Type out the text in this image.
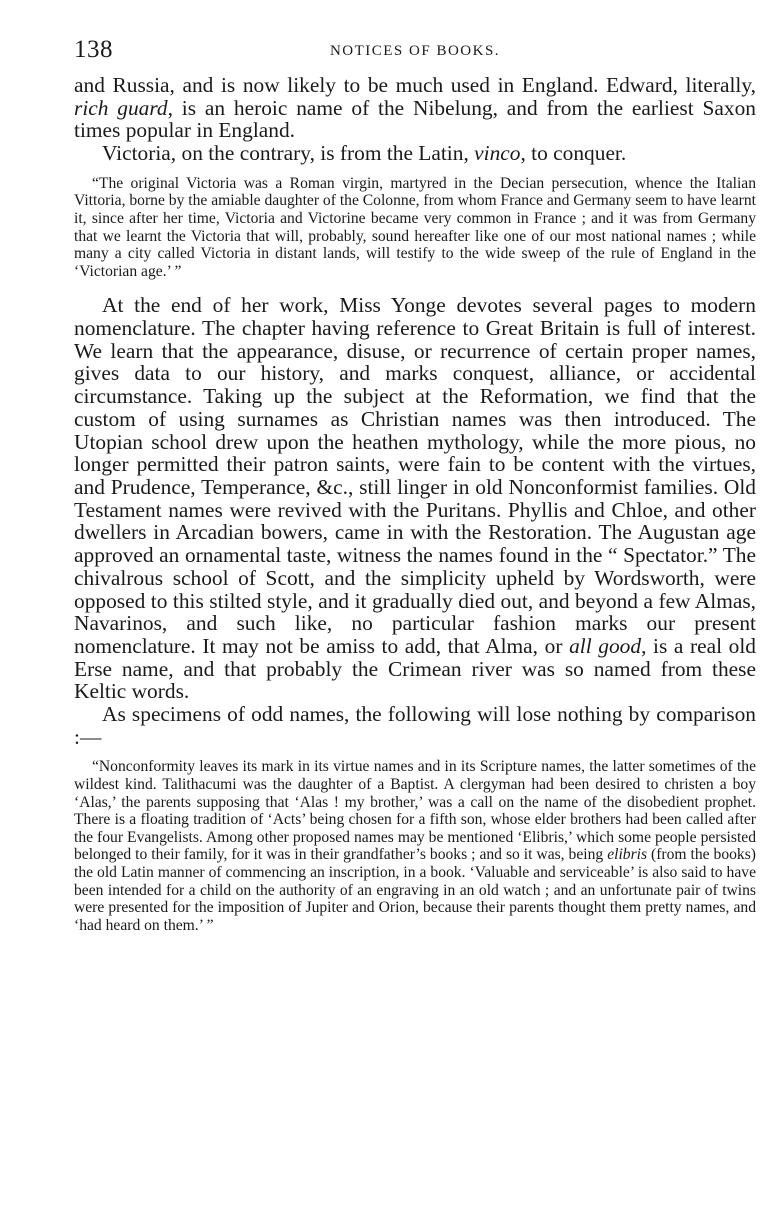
138	NOTICES OF BOOKS.

and Russia, and is now likely to be much used in England. Edward, literally, rich guard, is an heroic name of the Nibelung, and from the earliest Saxon times popular in England.

Victoria, on the contrary, is from the Latin, vinco, to conquer.

“The original Victoria was a Roman virgin, martyred in the Decian persecution, whence the Italian Vittoria, borne by the amiable daughter of the Colonne, from whom France and Germany seem to have learnt it, since after her time, Victoria and Victorine became very common in France ; and it was from Germany that we learnt the Victoria that will, probably, sound hereafter like one of our most national names ; while many a city called Victoria in distant lands, will testify to the wide sweep of the rule of England in the ‘Victorian age.’ ”

At the end of her work, Miss Yonge devotes several pages to modern nomenclature. The chapter having reference to Great Britain is full of interest. We learn that the appearance, disuse, or recurrence of certain proper names, gives data to our history, and marks conquest, alliance, or accidental circumstance. Taking up the subject at the Reformation, we find that the custom of using surnames as Christian names was then introduced. The Utopian school drew upon the heathen mythology, while the more pious, no longer permitted their patron saints, were fain to be content with the virtues, and Prudence, Temperance, &c., still linger in old Nonconformist families. Old Testament names were revived with the Puritans. Phyllis and Chloe, and other dwellers in Arcadian bowers, came in with the Restoration. The Augustan age approved an ornamental taste, witness the names found in the “ Spectator.” The chivalrous school of Scott, and the simplicity upheld by Wordsworth, were opposed to this stilted style, and it gradually died out, and beyond a few Almas, Navarinos, and such like, no particular fashion marks our present nomenclature. It may not be amiss to add, that Alma, or all good, is a real old Erse name, and that probably the Crimean river was so named from these Keltic words.

As specimens of odd names, the following will lose nothing by comparison :—

“Nonconformity leaves its mark in its virtue names and in its Scripture names, the latter sometimes of the wildest kind. Talithacumi was the daughter of a Baptist. A clergyman had been desired to christen a boy ‘Alas,’ the parents supposing that ‘Alas ! my brother,’ was a call on the name of the disobedient prophet. There is a floating tradition of ‘Acts’ being chosen for a fifth son, whose elder brothers had been called after the four Evangelists. Among other proposed names may be mentioned ‘Elibris,’ which some people persisted belonged to their family, for it was in their grandfather’s books ; and so it was, being elibris (from the books) the old Latin manner of commencing an inscription, in a book. ‘Valuable and serviceable’ is also said to have been intended for a child on the authority of an engraving in an old watch ; and an unfortunate pair of twins were presented for the imposition of Jupiter and Orion, because their parents thought them pretty names, and ‘had heard on them.’ ”
